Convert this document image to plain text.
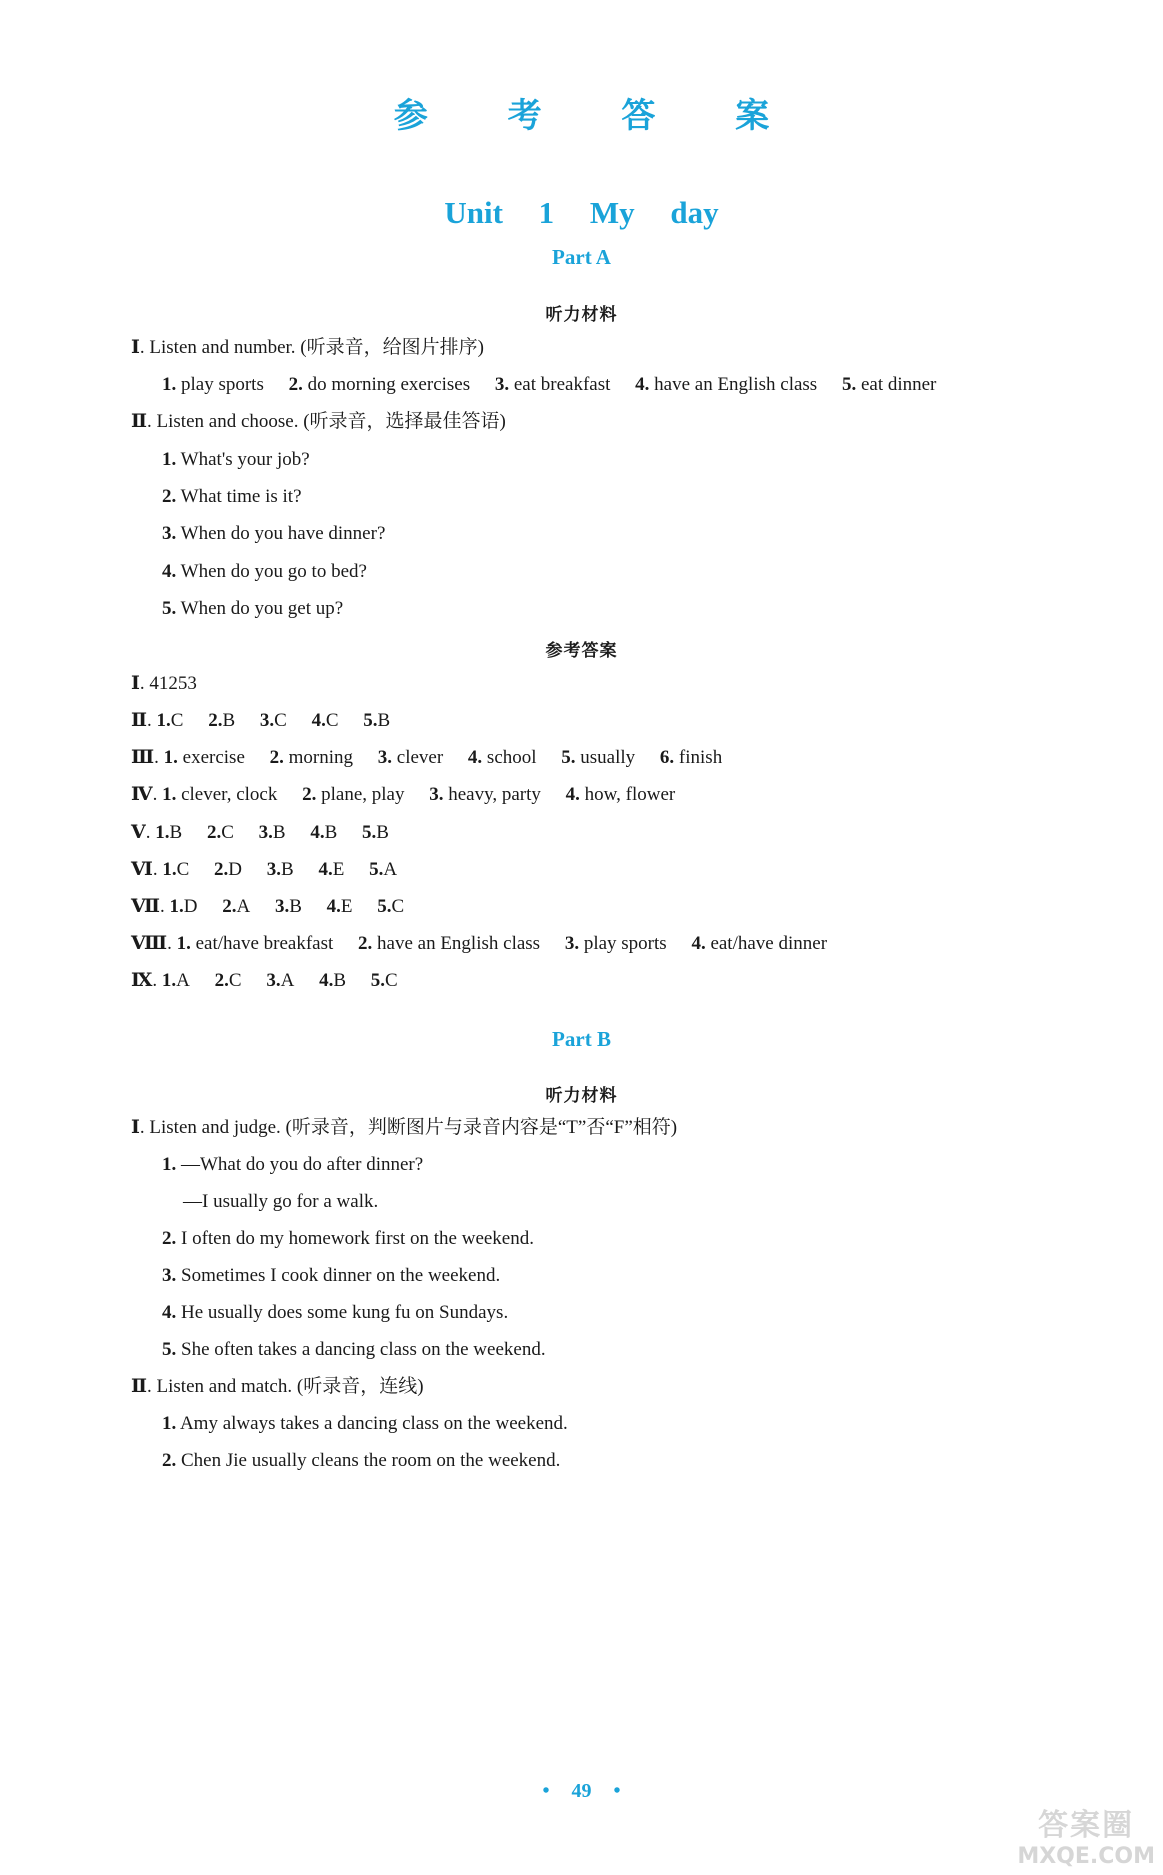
参 考 答 案
Unit 1 My day
Part A
听力材料
Ⅰ. Listen and number. (听录音，给图片排序)
1. play sports 2. do morning exercises 3. eat breakfast 4. have an English class 5. eat dinner
Ⅱ. Listen and choose. (听录音，选择最佳答语)
1. What's your job?
2. What time is it?
3. When do you have dinner?
4. When do you go to bed?
5. When do you get up?
参考答案
Ⅰ. 41253
Ⅱ. 1.C 2.B 3.C 4.C 5.B
Ⅲ. 1. exercise 2. morning 3. clever 4. school 5. usually 6. finish
Ⅳ. 1. clever, clock 2. plane, play 3. heavy, party 4. how, flower
Ⅴ. 1.B 2.C 3.B 4.B 5.B
Ⅵ. 1.C 2.D 3.B 4.E 5.A
Ⅶ. 1.D 2.A 3.B 4.E 5.C
Ⅷ. 1. eat/have breakfast 2. have an English class 3. play sports 4. eat/have dinner
Ⅸ. 1.A 2.C 3.A 4.B 5.C
Part B
听力材料
Ⅰ. Listen and judge. (听录音，判断图片与录音内容是“T”否“F”相符)
1. —What do you do after dinner?
—I usually go for a walk.
2. I often do my homework first on the weekend.
3. Sometimes I cook dinner on the weekend.
4. He usually does some kung fu on Sundays.
5. She often takes a dancing class on the weekend.
Ⅱ. Listen and match. (听录音，连线)
1. Amy always takes a dancing class on the weekend.
2. Chen Jie usually cleans the room on the weekend.
• 49 •
答案圈
MXQE.COM
